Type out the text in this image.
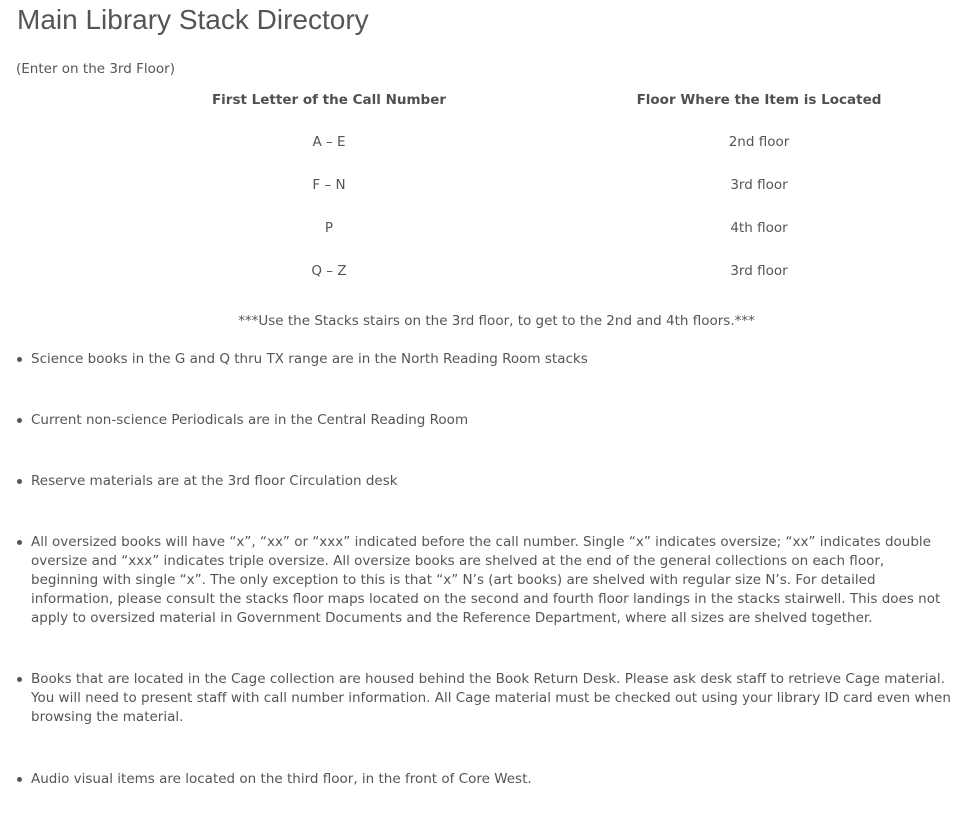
Main Library Stack Directory
(Enter on the 3rd Floor)
First Letter of the Call Number	Floor Where the Item is Located
A – E	2nd floor
F – N	3rd floor
P	4th floor
Q – Z	3rd floor
***Use the Stacks stairs on the 3rd floor, to get to the 2nd and 4th floors.***
Science books in the G and Q thru TX range are in the North Reading Room stacks
Current non-science Periodicals are in the Central Reading Room
Reserve materials are at the 3rd floor Circulation desk
All oversized books will have “x”, “xx” or “xxx” indicated before the call number. Single “x” indicates oversize; “xx” indicates double oversize and “xxx” indicates triple oversize. All oversize books are shelved at the end of the general collections on each floor, beginning with single “x”. The only exception to this is that “x” N’s (art books) are shelved with regular size N’s. For detailed information, please consult the stacks floor maps located on the second and fourth floor landings in the stacks stairwell. This does not apply to oversized material in Government Documents and the Reference Department, where all sizes are shelved together.
Books that are located in the Cage collection are housed behind the Book Return Desk. Please ask desk staff to retrieve Cage material. You will need to present staff with call number information. All Cage material must be checked out using your library ID card even when browsing the material.
Audio visual items are located on the third floor, in the front of Core West.
